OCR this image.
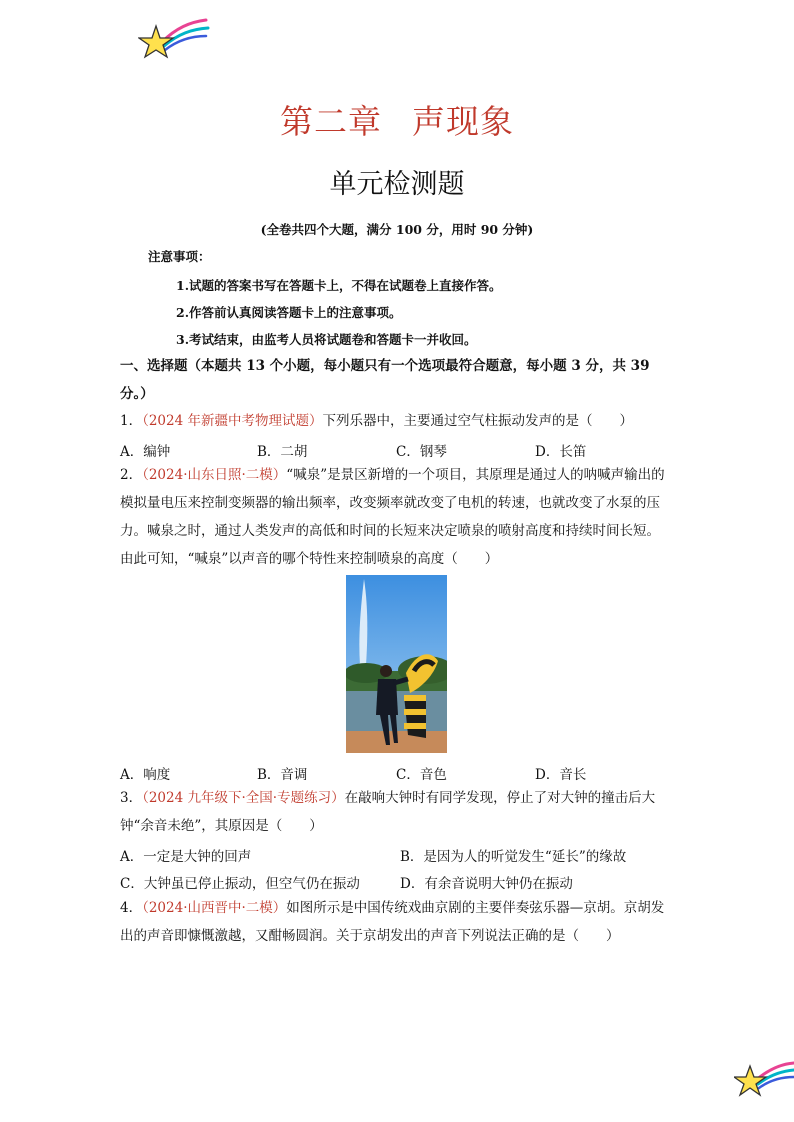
第二章 声现象
单元检测题
(全卷共四个大题，满分 100 分，用时 90 分钟)
注意事项：
1.试题的答案书写在答题卡上，不得在试题卷上直接作答。
2.作答前认真阅读答题卡上的注意事项。
3.考试结束，由监考人员将试题卷和答题卡一并收回。
一、选择题（本题共 13 个小题，每小题只有一个选项最符合题意，每小题 3 分，共 39
分。）
1．（2024 年新疆中考物理试题）下列乐器中，主要通过空气柱振动发声的是（　　）
A．编钟	B．二胡	C．钢琴	D．长笛
2．（2024·山东日照·二模）“喊泉”是景区新增的一个项目，其原理是通过人的呐喊声输出的
模拟量电压来控制变频器的输出频率，改变频率就改变了电机的转速，也就改变了水泵的压
力。喊泉之时，通过人类发声的高低和时间的长短来决定喷泉的喷射高度和持续时间长短。
由此可知，“喊泉”以声音的哪个特性来控制喷泉的高度（　　）
A．响度	B．音调	C．音色	D．音长
3．（2024 九年级下·全国·专题练习）在敲响大钟时有同学发现，停止了对大钟的撞击后大
钟“余音未绝”，其原因是（　　）
A．一定是大钟的回声	B．是因为人的听觉发生“延长”的缘故
C．大钟虽已停止振动，但空气仍在振动	D．有余音说明大钟仍在振动
4．（2024·山西晋中·二模）如图所示是中国传统戏曲京剧的主要伴奏弦乐器—京胡。京胡发
出的声音即慷慨激越，又酣畅圆润。关于京胡发出的声音下列说法正确的是（　　）
